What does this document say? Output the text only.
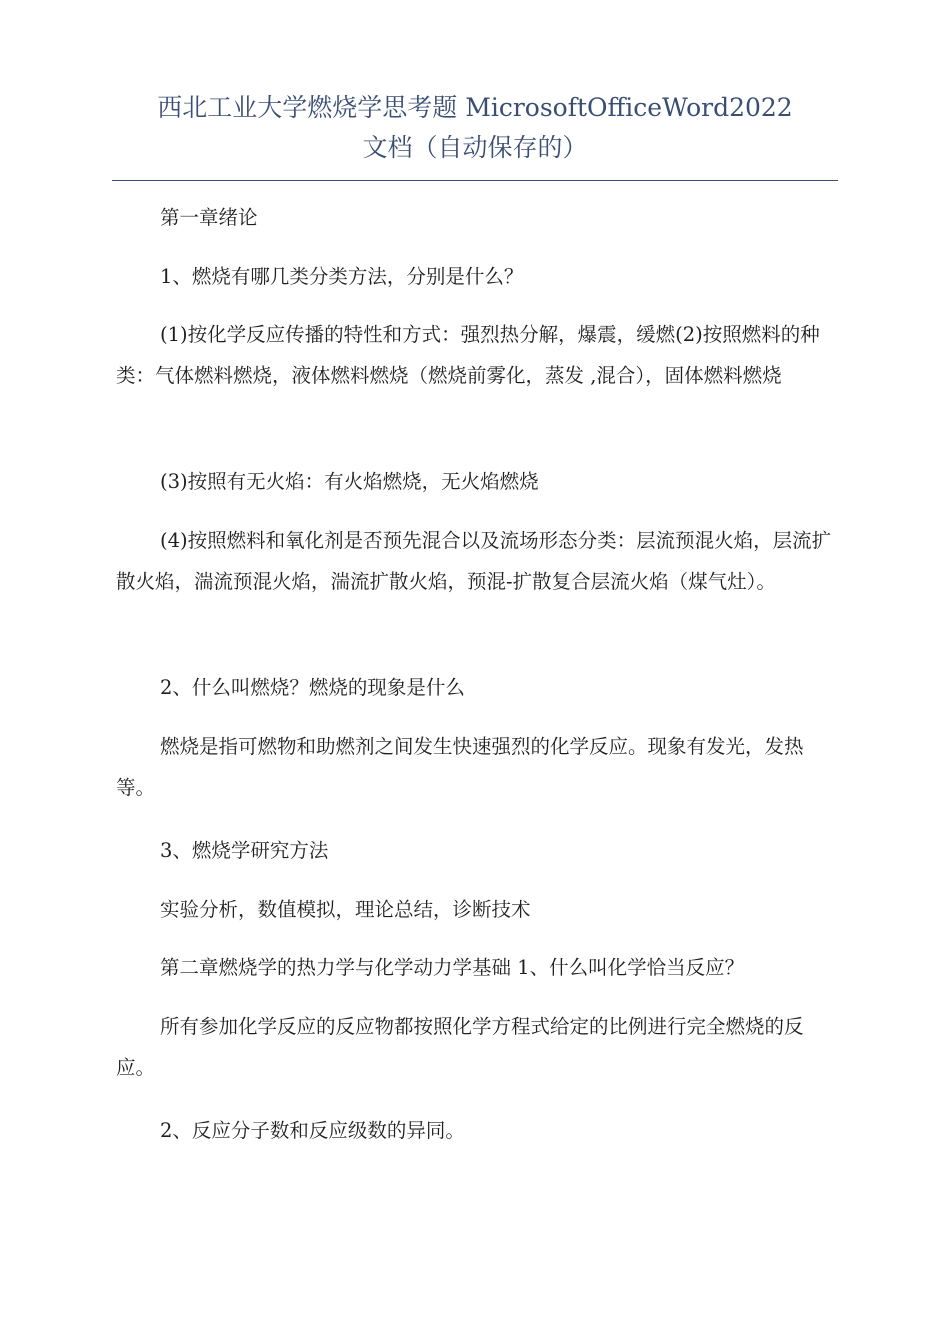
西北工业大学燃烧学思考题 MicrosoftOfficeWord2022
文档（自动保存的）

第一章绪论

1、燃烧有哪几类分类方法，分别是什么？

(1)按化学反应传播的特性和方式：强烈热分解，爆震，缓燃(2)按照燃料的种类：气体燃料燃烧，液体燃料燃烧（燃烧前雾化，蒸发 ,混合），固体燃料燃烧

(3)按照有无火焰：有火焰燃烧，无火焰燃烧

(4)按照燃料和氧化剂是否预先混合以及流场形态分类：层流预混火焰，层流扩散火焰，湍流预混火焰，湍流扩散火焰，预混-扩散复合层流火焰（煤气灶）。

2、什么叫燃烧？燃烧的现象是什么

燃烧是指可燃物和助燃剂之间发生快速强烈的化学反应。现象有发光，发热等。

3、燃烧学研究方法

实验分析，数值模拟，理论总结，诊断技术

第二章燃烧学的热力学与化学动力学基础 1、什么叫化学恰当反应？

所有参加化学反应的反应物都按照化学方程式给定的比例进行完全燃烧的反应。

2、反应分子数和反应级数的异同。
